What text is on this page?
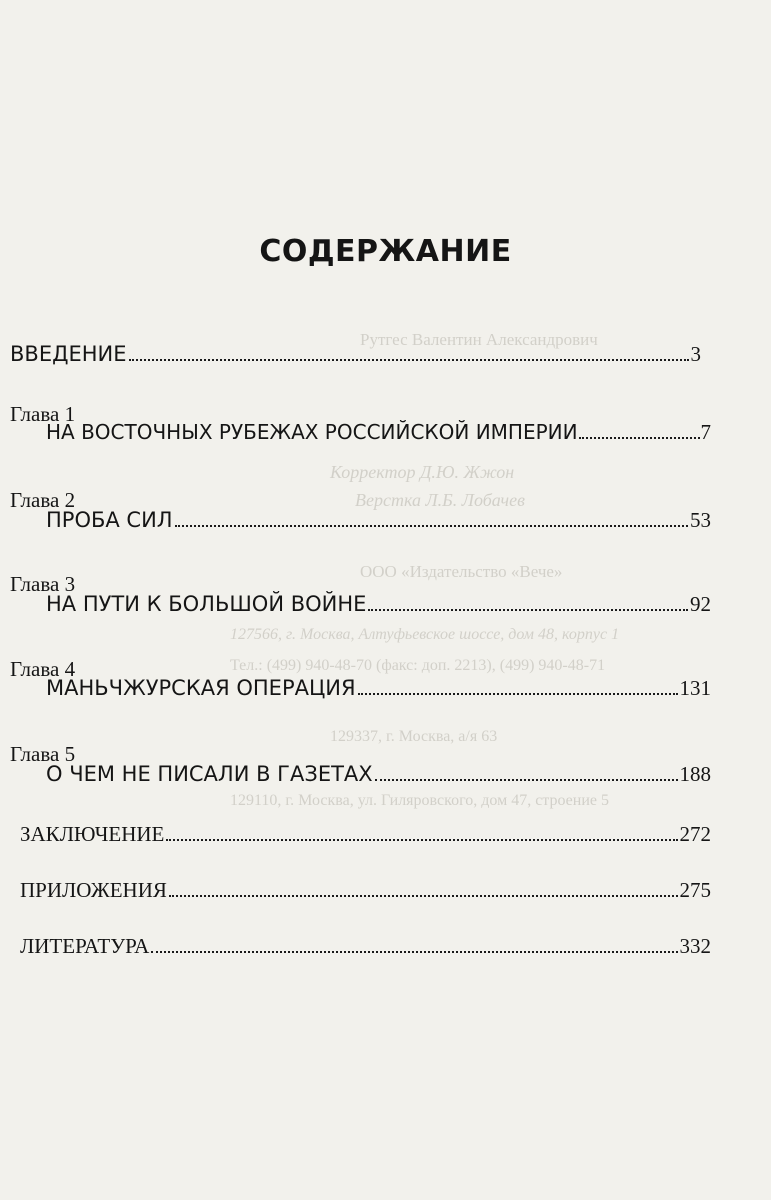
Рутгес Валентин Александрович
Корректор Д.Ю. Жжон
Верстка Л.Б. Лобачев
ООО «Издательство «Вече»
127566, г. Москва, Алтуфьевское шоссе, дом 48, корпус 1
Тел.: (499) 940-48-70 (факс: доп. 2213), (499) 940-48-71
129337, г. Москва, а/я 63
129110, г. Москва, ул. Гиляровского, дом 47, строение 5
СОДЕРЖАНИЕ
ВВЕДЕНИЕ	3
Глава 1
НА ВОСТОЧНЫХ РУБЕЖАХ РОССИЙСКОЙ ИМПЕРИИ	7
Глава 2
ПРОБА СИЛ	53
Глава 3
НА ПУТИ К БОЛЬШОЙ ВОЙНЕ	92
Глава 4
МАНЬЧЖУРСКАЯ ОПЕРАЦИЯ	131
Глава 5
О ЧЕМ НЕ ПИСАЛИ В ГАЗЕТАХ	188
ЗАКЛЮЧЕНИЕ	272
ПРИЛОЖЕНИЯ	275
ЛИТЕРАТУРА	332
